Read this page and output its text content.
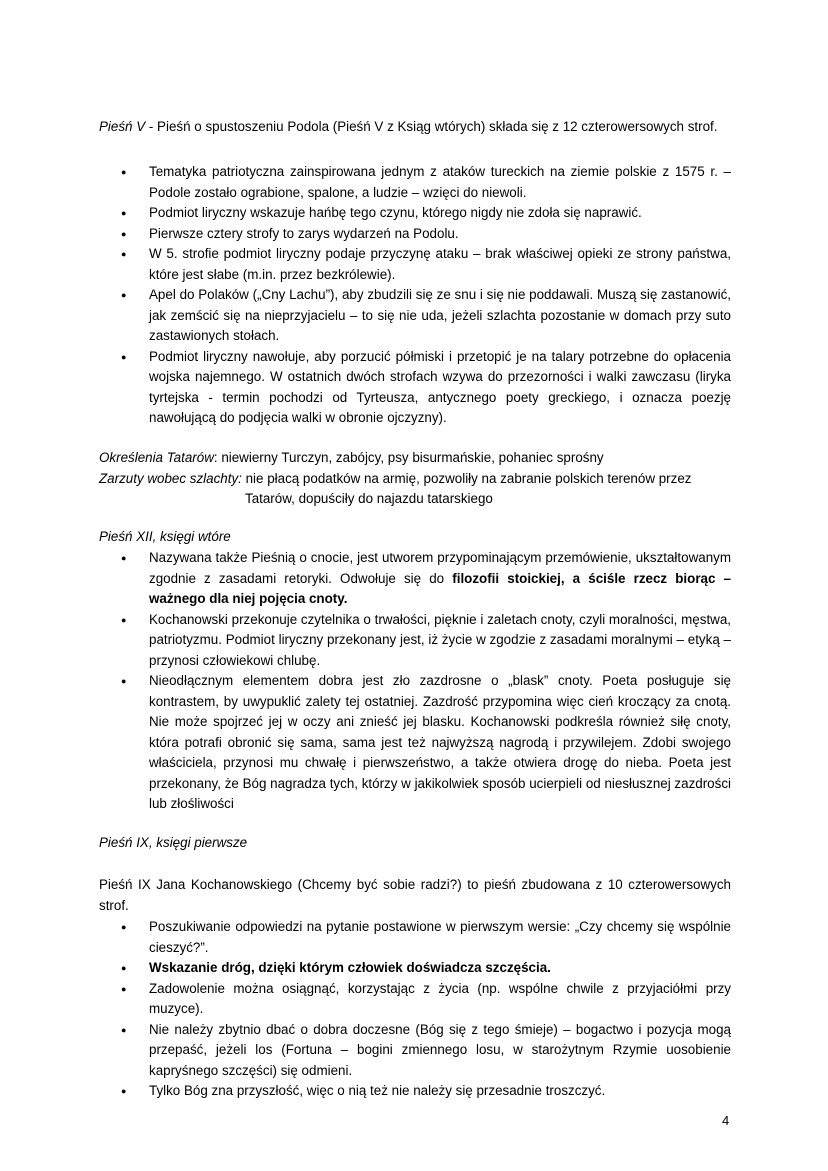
Pieśń V - Pieśń o spustoszeniu Podola (Pieśń V z Ksiąg wtórych) składa się z 12 czterowersowych strof.

● Tematyka patriotyczna zainspirowana jednym z ataków tureckich na ziemie polskie z 1575 r. – Podole zostało ograbione, spalone, a ludzie – wzięci do niewoli.
● Podmiot liryczny wskazuje hańbę tego czynu, którego nigdy nie zdoła się naprawić.
● Pierwsze cztery strofy to zarys wydarzeń na Podolu.
● W 5. strofie podmiot liryczny podaje przyczynę ataku – brak właściwej opieki ze strony państwa, które jest słabe (m.in. przez bezkrólewie).
● Apel do Polaków („Cny Lachu”), aby zbudzili się ze snu i się nie poddawali. Muszą się zastanowić, jak zemścić się na nieprzyjacielu – to się nie uda, jeżeli szlachta pozostanie w domach przy suto zastawionych stołach.
● Podmiot liryczny nawołuje, aby porzucić półmiski i przetopić je na talary potrzebne do opłacenia wojska najemnego. W ostatnich dwóch strofach wzywa do przezorności i walki zawczasu (liryka tyrtejska - termin pochodzi od Tyrteusza, antycznego poety greckiego, i oznacza poezję nawołującą do podjęcia walki w obronie ojczyzny).

Określenia Tatarów: niewierny Turczyn, zabójcy, psy bisurmańskie, pohaniec sprośny

Zarzuty wobec szlachty: nie płacą podatków na armię, pozwoliły na zabranie polskich terenów przez

Tatarów, dopuściły do najazdu tatarskiego

Pieśń XII, księgi wtóre

● Nazywana także Pieśnią o cnocie, jest utworem przypominającym przemówienie, ukształtowanym zgodnie z zasadami retoryki. Odwołuje się do filozofii stoickiej, a ściśle rzecz biorąc – ważnego dla niej pojęcia cnoty.
● Kochanowski przekonuje czytelnika o trwałości, pięknie i zaletach cnoty, czyli moralności, męstwa, patriotyzmu. Podmiot liryczny przekonany jest, iż życie w zgodzie z zasadami moralnymi – etyką – przynosi człowiekowi chlubę.
● Nieodłącznym elementem dobra jest zło zazdrosne o „blask” cnoty. Poeta posługuje się kontrastem, by uwypuklić zalety tej ostatniej. Zazdrość przypomina więc cień kroczący za cnotą. Nie może spojrzeć jej w oczy ani znieść jej blasku. Kochanowski podkreśla również siłę cnoty, która potrafi obronić się sama, sama jest też najwyższą nagrodą i przywilejem. Zdobi swojego właściciela, przynosi mu chwałę i pierwszeństwo, a także otwiera drogę do nieba. Poeta jest przekonany, że Bóg nagradza tych, którzy w jakikolwiek sposób ucierpieli od niesłusznej zazdrości lub złośliwości

Pieśń IX, księgi pierwsze

Pieśń IX Jana Kochanowskiego (Chcemy być sobie radzi?) to pieśń zbudowana z 10 czterowersowych strof.

● Poszukiwanie odpowiedzi na pytanie postawione w pierwszym wersie: „Czy chcemy się wspólnie cieszyć?”.
● Wskazanie dróg, dzięki którym człowiek doświadcza szczęścia.
● Zadowolenie można osiągnąć, korzystając z życia (np. wspólne chwile z przyjaciółmi przy muzyce).
● Nie należy zbytnio dbać o dobra doczesne (Bóg się z tego śmieje) – bogactwo i pozycja mogą przepaść, jeżeli los (Fortuna – bogini zmiennego losu, w starożytnym Rzymie uosobienie kapryśnego szczęści) się odmieni.
● Tylko Bóg zna przyszłość, więc o nią też nie należy się przesadnie troszczyć.
4
